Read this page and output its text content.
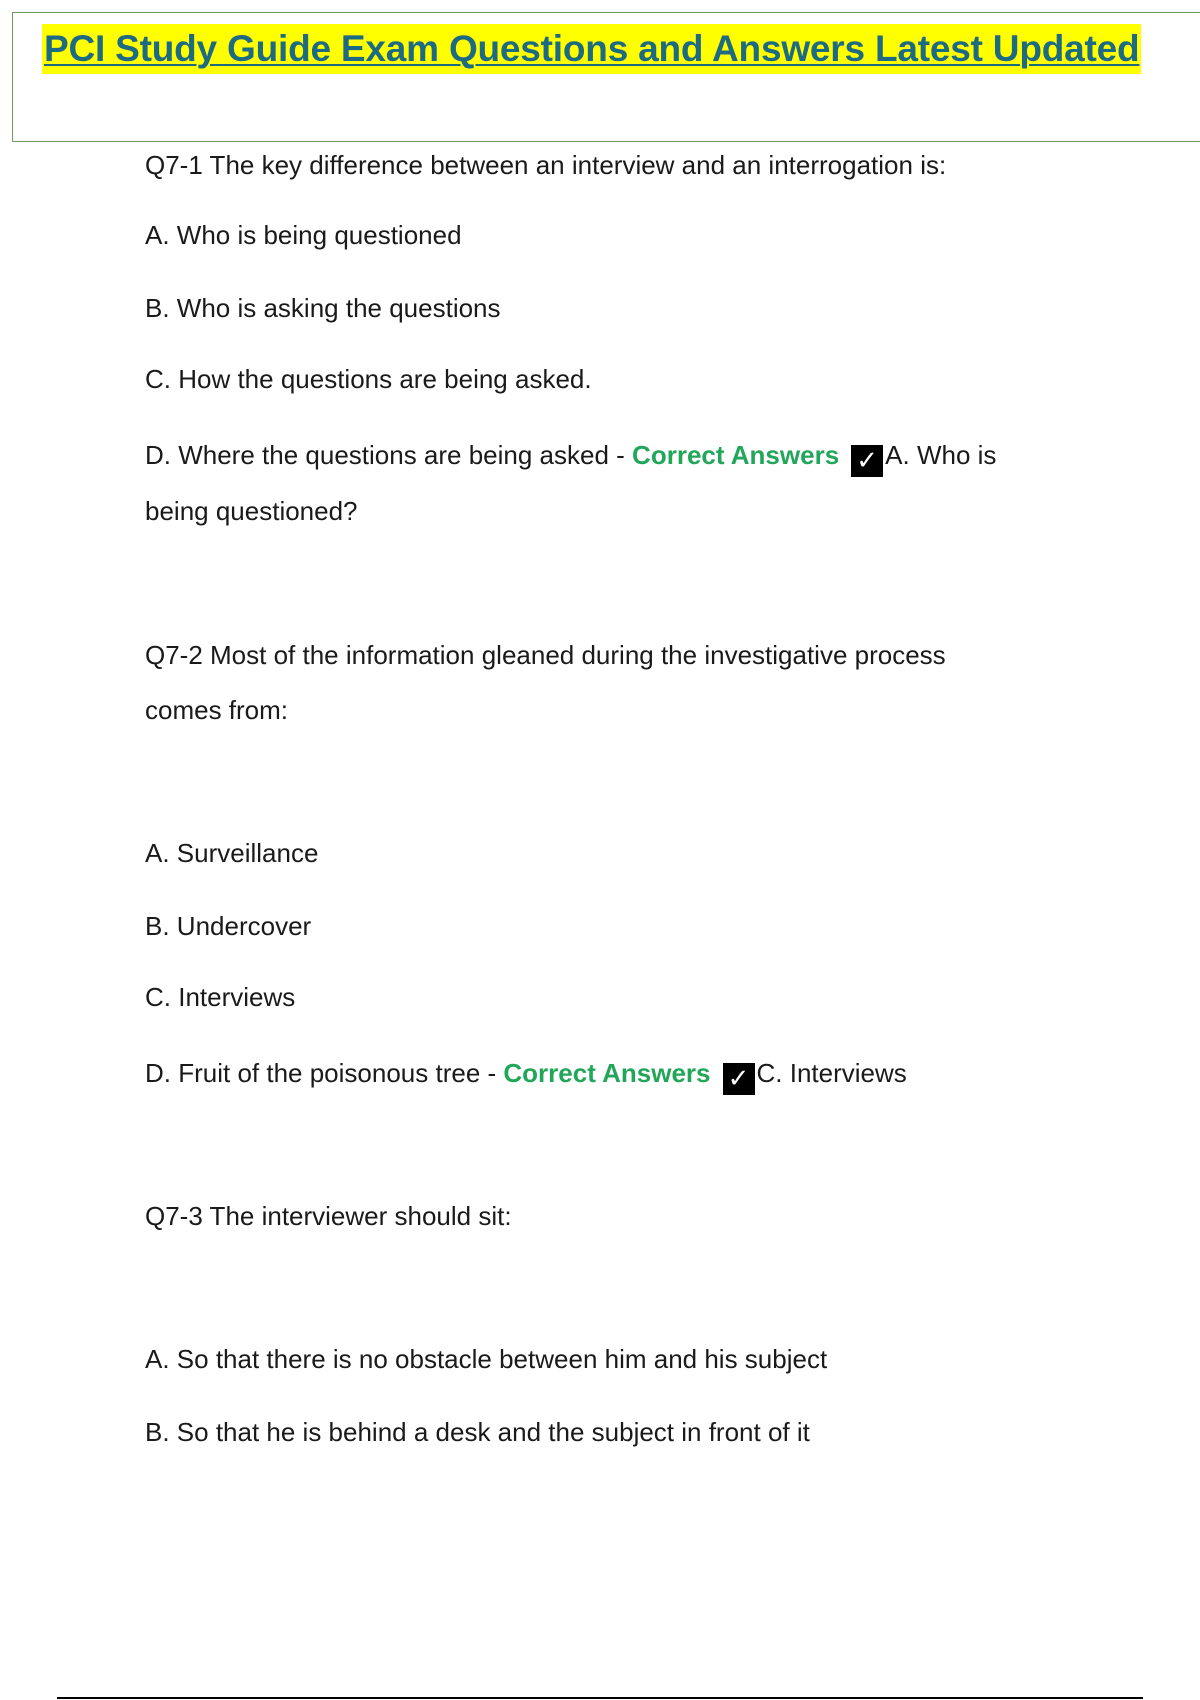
PCI Study Guide Exam Questions and Answers Latest Updated

Q7-1 The key difference between an interview and an interrogation is:

A. Who is being questioned

B. Who is asking the questions

C. How the questions are being asked.

D. Where the questions are being asked - Correct Answers ✓ A. Who is

being questioned?

Q7-2 Most of the information gleaned during the investigative process

comes from:

A. Surveillance

B. Undercover

C. Interviews

D. Fruit of the poisonous tree - Correct Answers ✓ C. Interviews

Q7-3 The interviewer should sit:

A. So that there is no obstacle between him and his subject

B. So that he is behind a desk and the subject in front of it
